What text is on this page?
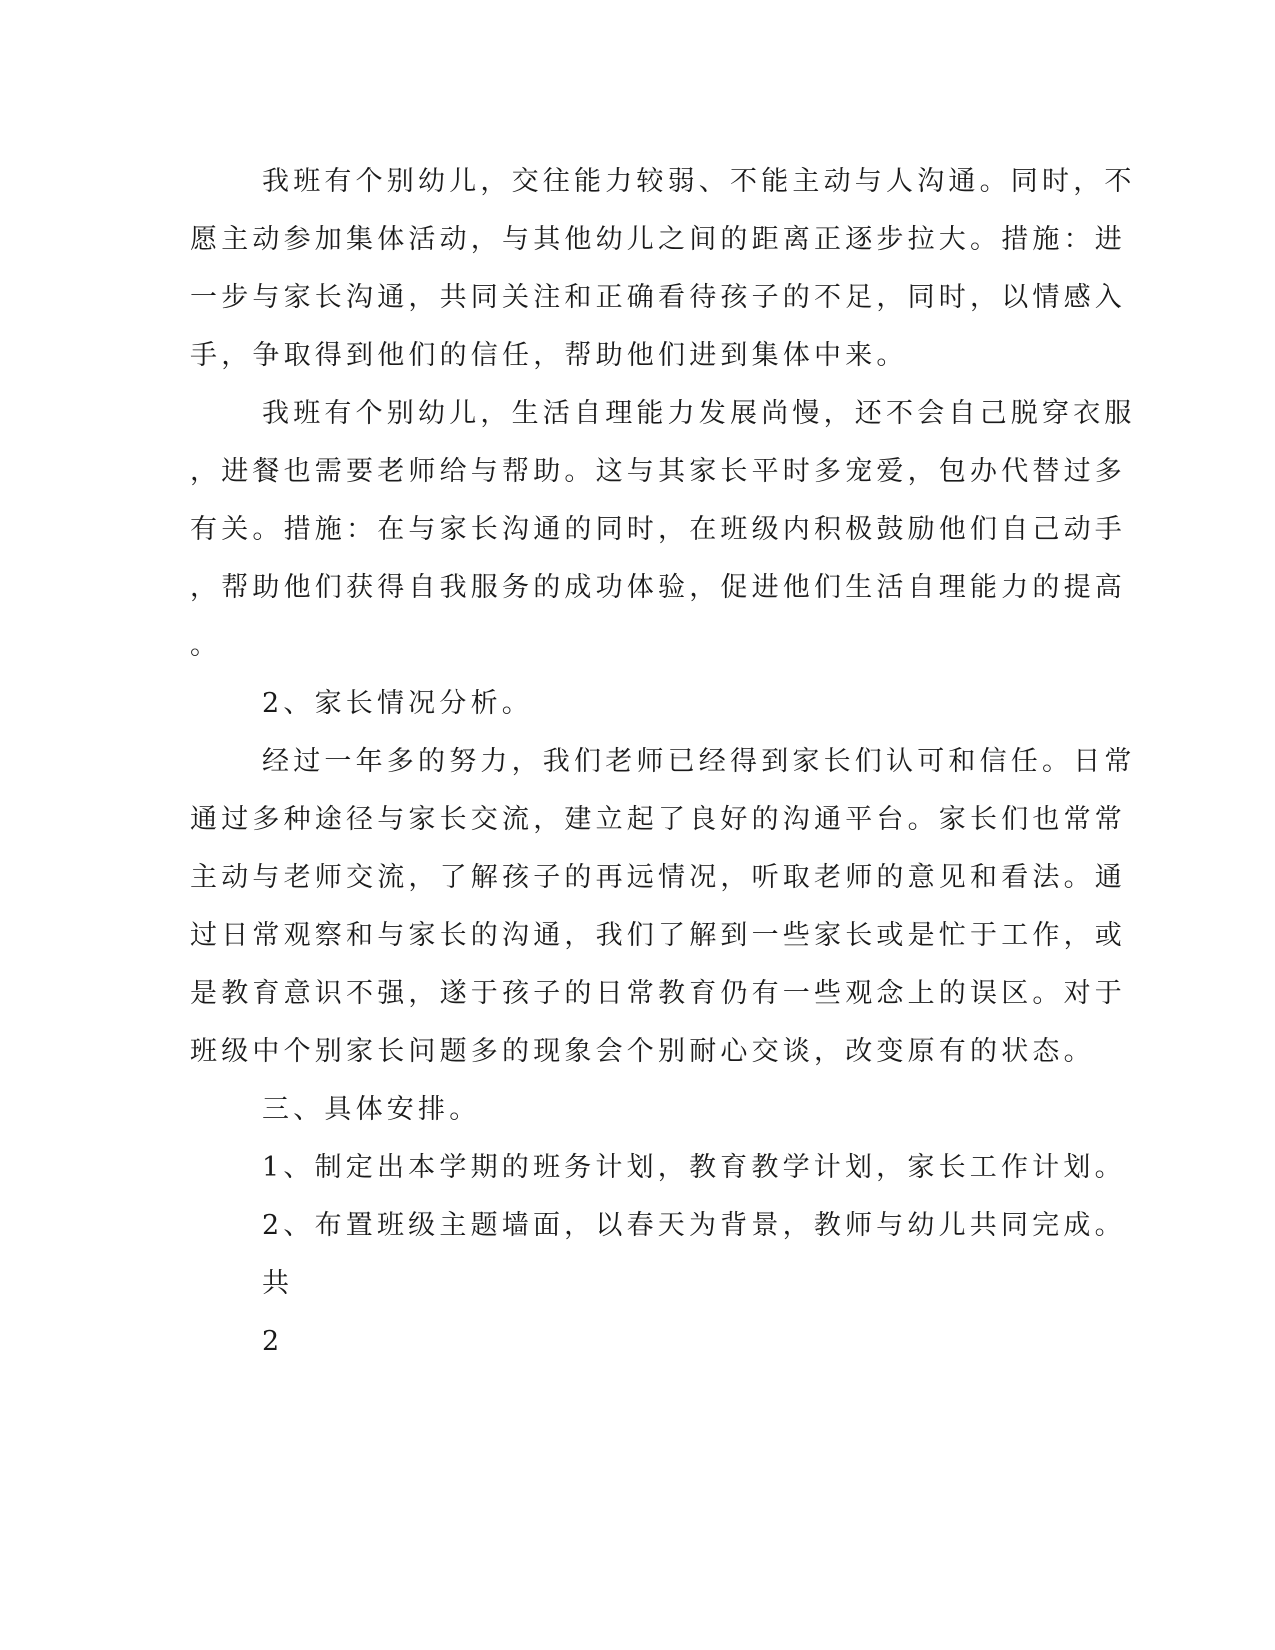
我班有个别幼儿，交往能力较弱、不能主动与人沟通。同时，不
愿主动参加集体活动，与其他幼儿之间的距离正逐步拉大。措施：进
一步与家长沟通，共同关注和正确看待孩子的不足，同时，以情感入
手，争取得到他们的信任，帮助他们进到集体中来。
我班有个别幼儿，生活自理能力发展尚慢，还不会自己脱穿衣服
，进餐也需要老师给与帮助。这与其家长平时多宠爱，包办代替过多
有关。措施：在与家长沟通的同时，在班级内积极鼓励他们自己动手
，帮助他们获得自我服务的成功体验，促进他们生活自理能力的提高
。
2、家长情况分析。
经过一年多的努力，我们老师已经得到家长们认可和信任。日常
通过多种途径与家长交流，建立起了良好的沟通平台。家长们也常常
主动与老师交流，了解孩子的再远情况，听取老师的意见和看法。通
过日常观察和与家长的沟通，我们了解到一些家长或是忙于工作，或
是教育意识不强，遂于孩子的日常教育仍有一些观念上的误区。对于
班级中个别家长问题多的现象会个别耐心交谈，改变原有的状态。
三、具体安排。
1、制定出本学期的班务计划，教育教学计划，家长工作计划。
2、布置班级主题墙面，以春天为背景，教师与幼儿共同完成。
共
2
